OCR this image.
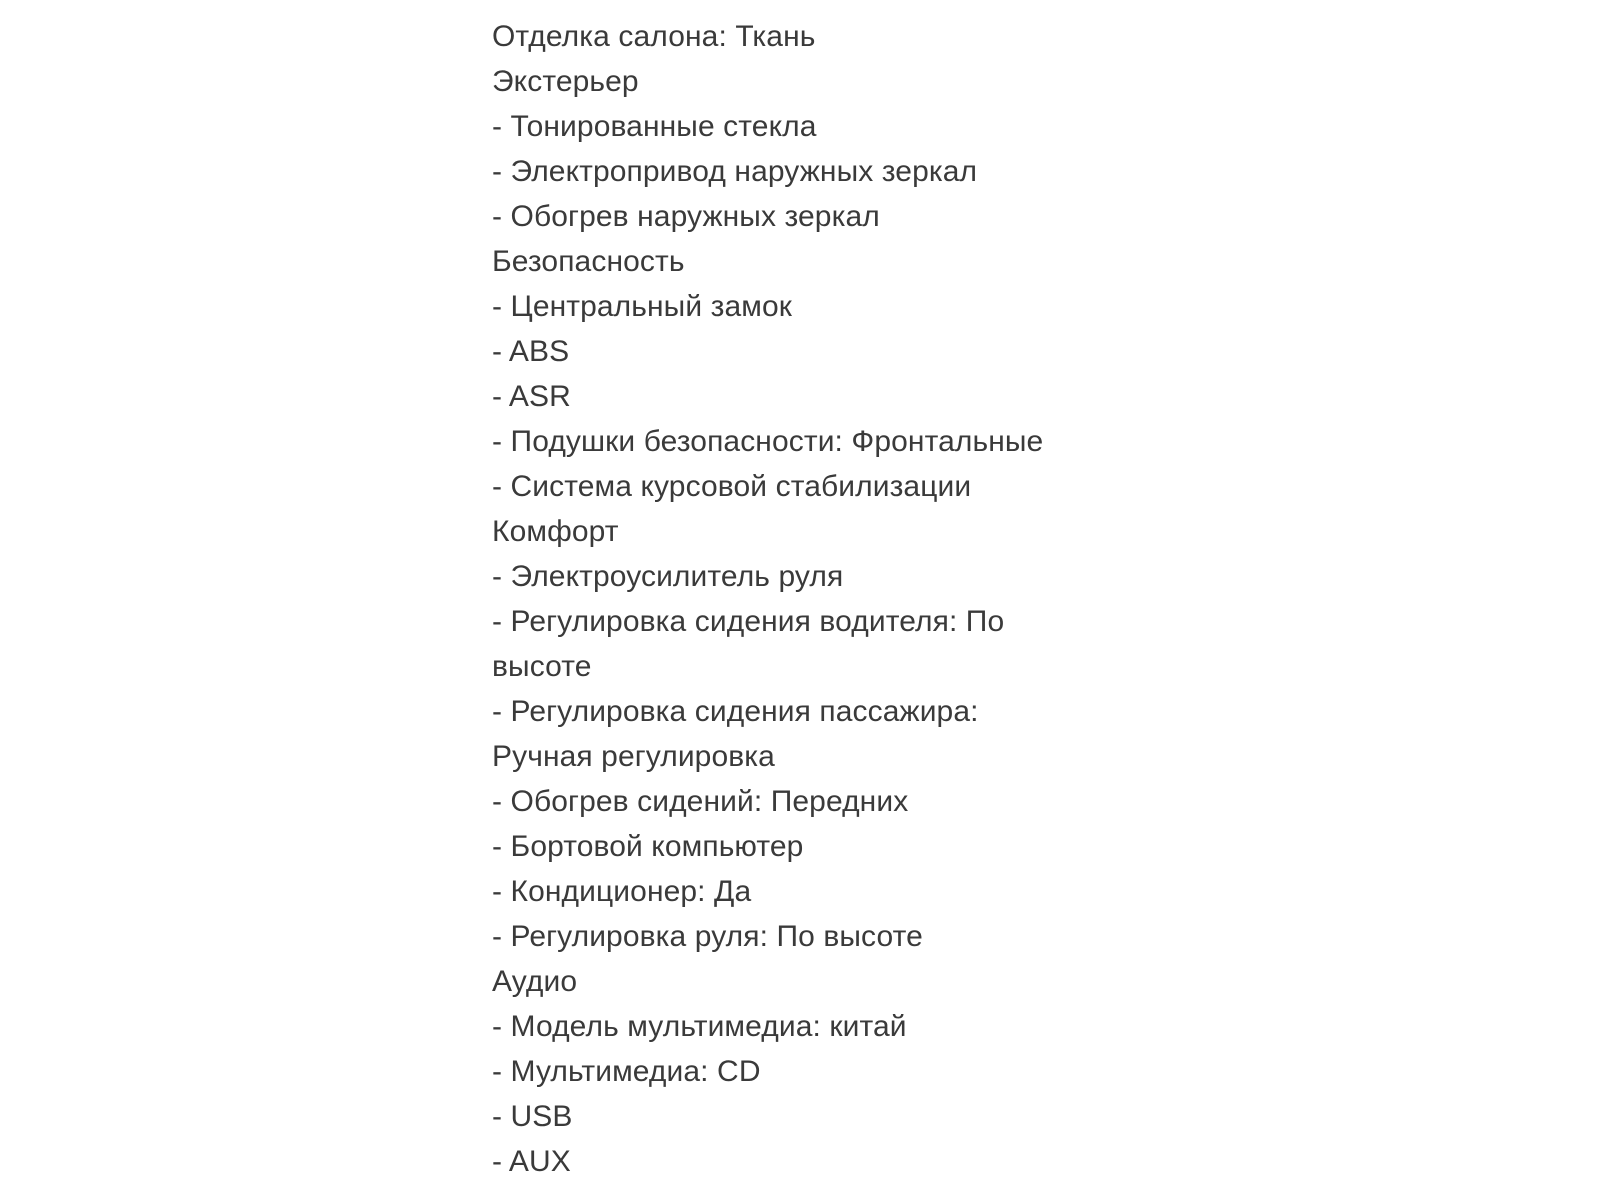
Отделка салона: Ткань
Экстерьер
- Тонированные стекла
- Электропривод наружных зеркал
- Обогрев наружных зеркал
Безопасность
- Центральный замок
- ABS
- ASR
- Подушки безопасности: Фронтальные
- Система курсовой стабилизации
Комфорт
- Электроусилитель руля
- Регулировка сидения водителя: По
высоте
- Регулировка сидения пассажира:
Ручная регулировка
- Обогрев сидений: Передних
- Бортовой компьютер
- Кондиционер: Да
- Регулировка руля: По высоте
Аудио
- Модель мультимедиа: китай
- Мультимедиа: CD
- USB
- AUX
